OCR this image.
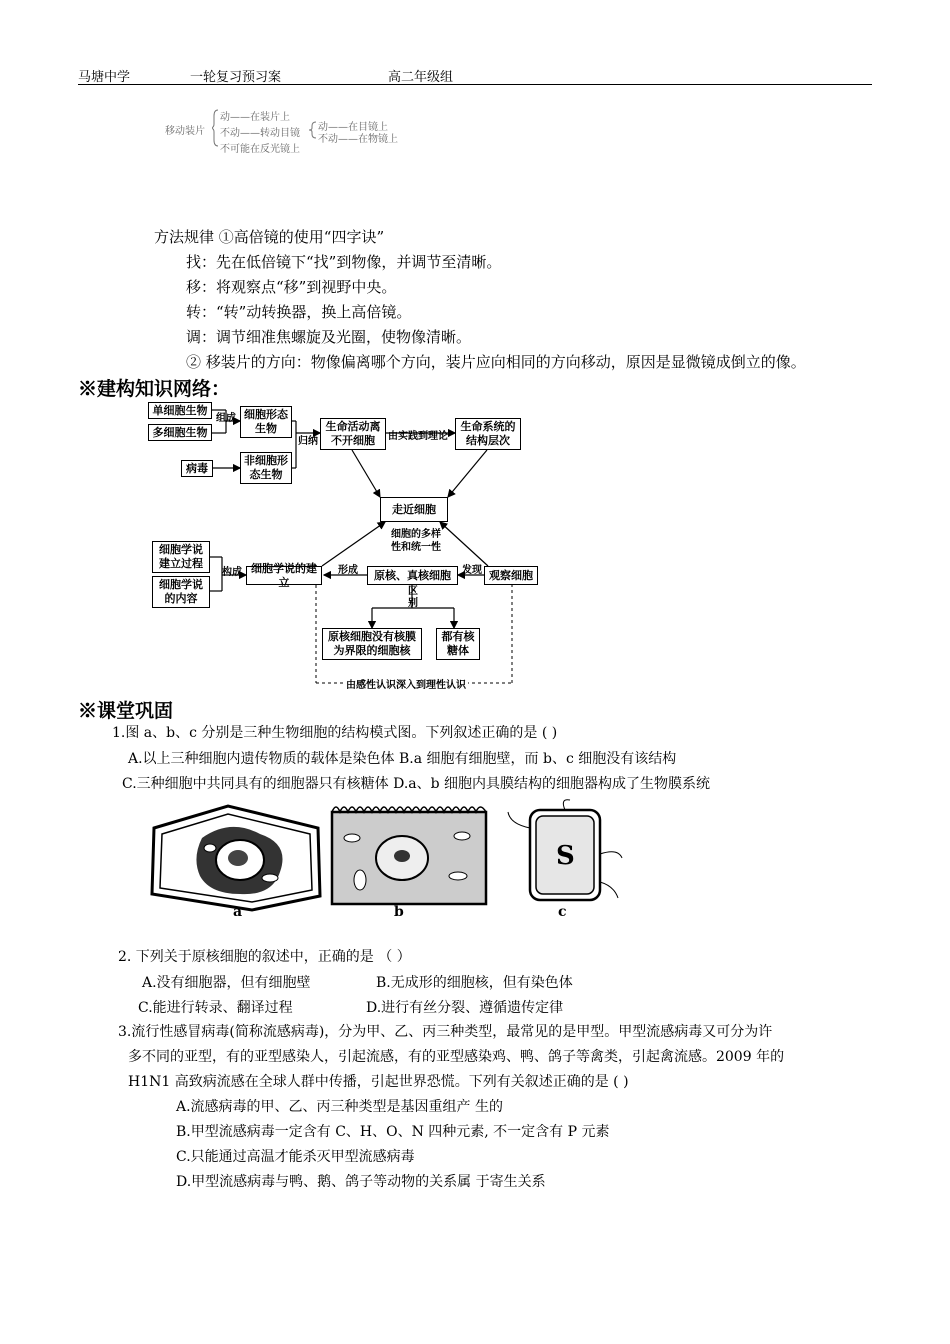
马塘中学	一轮复习预习案	高二年级组
移动装片
动——在装片上
不动——转动目镜
动——在目镜上
不动——在物镜上
不可能在反光镜上
方法规律 ①高倍镜的使用“四字诀”
找：先在低倍镜下“找”到物像，并调节至清晰。
移：将观察点“移”到视野中央。
转：“转”动转换器，换上高倍镜。
调：调节细准焦螺旋及光圈，使物像清晰。
② 移装片的方向：物像偏离哪个方向，装片应向相同的方向移动，原因是显微镜成倒立的像。
※建构知识网络：
单细胞生物
多细胞生物
病毒
组成 细胞形态生物
非细胞形态生物
归纳
生命活动离不开细胞	由实践到理论
生命系统的结构层次
走近细胞
细胞的多样性和统一性
细胞学说建立过程
细胞学说的内容
构成 细胞学说的建立
形成	原核、真核细胞	发现 观察细胞
区别
原核细胞没有核膜为界限的细胞核
都有核糖体
由感性认识深入到理性认识
※课堂巩固
1.图 a、b、c 分别是三种生物细胞的结构模式图。下列叙述正确的是 ( )
A.以上三种细胞内遗传物质的载体是染色体 B.a 细胞有细胞壁，而 b、c 细胞没有该结构
C.三种细胞中共同具有的细胞器只有核糖体 D.a、b 细胞内具膜结构的细胞器构成了生物膜系统
S
a	b	c
2. 下列关于原核细胞的叙述中，正确的是 （ ）
A.没有细胞器，但有细胞壁	B.无成形的细胞核，但有染色体
C.能进行转录、翻译过程	D.进行有丝分裂、遵循遗传定律
3.流行性感冒病毒(简称流感病毒)，分为甲、乙、丙三种类型，最常见的是甲型。甲型流感病毒又可分为许
多不同的亚型，有的亚型感染人，引起流感，有的亚型感染鸡、鸭、鸽子等禽类，引起禽流感。2009 年的
H1N1 高致病流感在全球人群中传播，引起世界恐慌。下列有关叙述正确的是 ( )
A.流感病毒的甲、乙、丙三种类型是基因重组产 生的
B.甲型流感病毒一定含有 C、H、O、N 四种元素, 不一定含有 P 元素
C.只能通过高温才能杀灭甲型流感病毒
D.甲型流感病毒与鸭、鹅、鸽子等动物的关系属 于寄生关系
